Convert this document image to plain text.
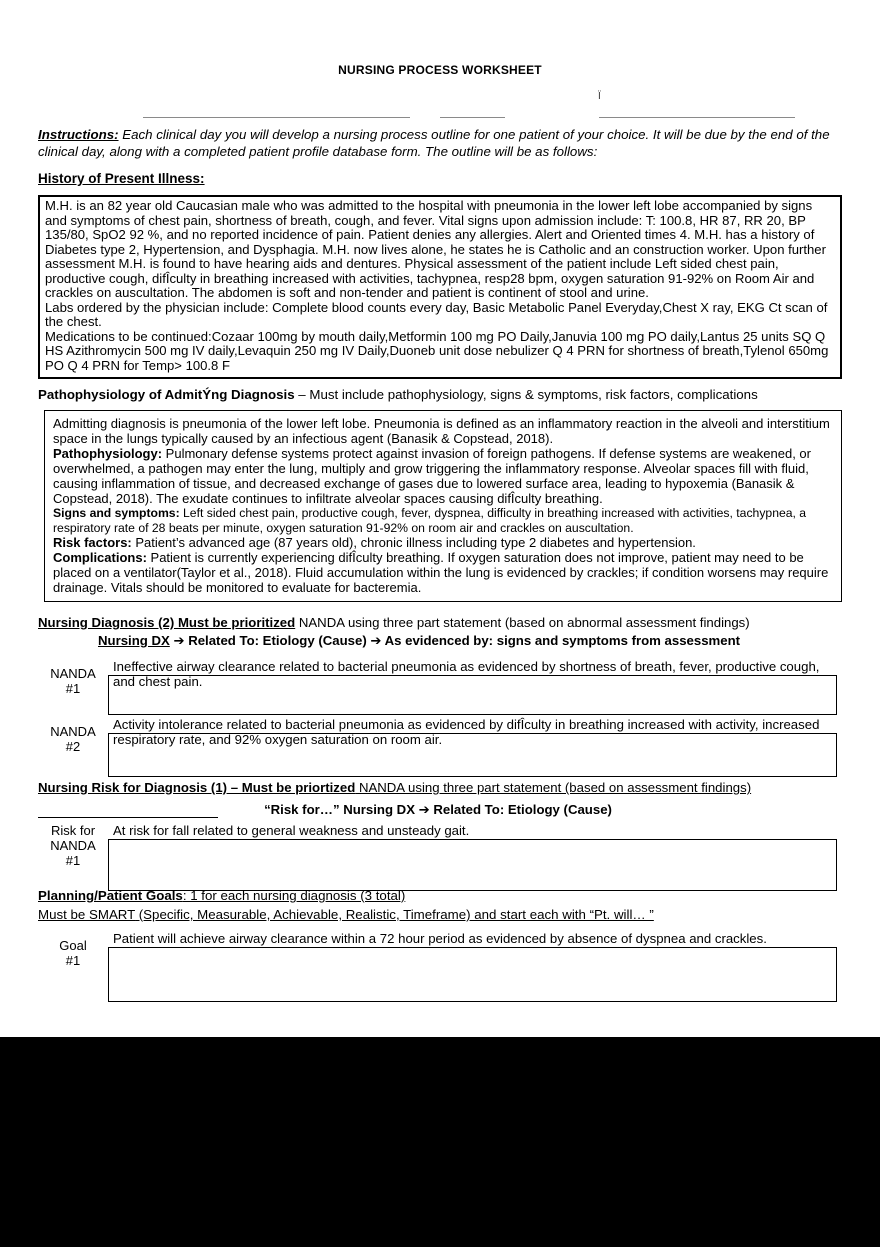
NURSING PROCESS WORKSHEET
Ï

Instructions: Each clinical day you will develop a nursing process outline for one patient of your choice. It will be due by the end of the clinical day, along with a completed patient profile database form. The outline will be as follows:

History of Present Illness:

M.H. is an 82 year old Caucasian male who was admitted to the hospital with pneumonia in the lower left lobe accompanied by signs and symptoms of chest pain, shortness of breath, cough, and fever. Vital signs upon admission include: T: 100.8, HR 87, RR 20, BP 135/80, SpO2 92 %, and no reported incidence of pain. Patient denies any allergies. Alert and Oriented times 4. M.H. has a history of Diabetes type 2, Hypertension, and Dysphagia. M.H. now lives alone, he states he is Catholic and an construction worker. Upon further assessment M.H. is found to have hearing aids and dentures. Physical assessment of the patient include Left sided chest pain, productive cough, difÎculty in breathing increased with activities, tachypnea, resp28 bpm, oxygen saturation 91-92% on Room Air and crackles on auscultation. The abdomen is soft and non-tender and patient is continent of stool and urine.

Labs ordered by the physician include: Complete blood counts every day, Basic Metabolic Panel Everyday,Chest X ray, EKG Ct scan of the chest.

Medications to be continued:Cozaar 100mg by mouth daily,Metformin 100 mg PO Daily,Januvia 100 mg PO daily,Lantus 25 units SQ Q HS Azithromycin 500 mg IV daily,Levaquin 250 mg IV Daily,Duoneb unit dose nebulizer Q 4 PRN for shortness of breath,Tylenol 650mg PO Q 4 PRN for Temp> 100.8 F

Pathophysiology of AdmitÝng Diagnosis – Must include pathophysiology, signs & symptoms, risk factors, complications

Admitting diagnosis is pneumonia of the lower left lobe. Pneumonia is defined as an inflammatory reaction in the alveoli and interstitium space in the lungs typically caused by an infectious agent (Banasik & Copstead, 2018).

Pathophysiology: Pulmonary defense systems protect against invasion of foreign pathogens. If defense systems are weakened, or overwhelmed, a pathogen may enter the lung, multiply and grow triggering the inflammatory response. Alveolar spaces fill with fluid, causing inflammation of tissue, and decreased exchange of gases due to lowered surface area, leading to hypoxemia (Banasik & Copstead, 2018). The exudate continues to infiltrate alveolar spaces causing difÎculty breathing.

Signs and symptoms: Left sided chest pain, productive cough, fever, dyspnea, difficulty in breathing increased with activities, tachypnea, a respiratory rate of 28 beats per minute, oxygen saturation 91-92% on room air and crackles on auscultation.

Risk factors: Patient’s advanced age (87 years old), chronic illness including type 2 diabetes and hypertension.

Complications: Patient is currently experiencing difÎculty breathing. If oxygen saturation does not improve, patient may need to be placed on a ventilator(Taylor et al., 2018). Fluid accumulation within the lung is evidenced by crackles; if condition worsens may require drainage. Vitals should be monitored to evaluate for bacteremia.

Nursing Diagnosis (2) Must be prioritized NANDA using three part statement (based on abnormal assessment findings)

Nursing DX ➔ Related To: Etiology (Cause) ➔ As evidenced by: signs and symptoms from assessment

NANDA
#1

Ineffective airway clearance related to bacterial pneumonia as evidenced by shortness of breath, fever, productive cough, and chest pain.

NANDA
#2

Activity intolerance related to bacterial pneumonia as evidenced by difÎculty in breathing increased with activity, increased respiratory rate, and 92% oxygen saturation on room air.

Nursing Risk for Diagnosis (1) – Must be priortized NANDA using three part statement (based on assessment findings)

“Risk for…” Nursing DX ➔ Related To: Etiology (Cause)
Risk for
NANDA
#1

At risk for fall related to general weakness and unsteady gait.

Planning/Patient Goals: 1 for each nursing diagnosis (3 total)

Must be SMART (Specific, Measurable, Achievable, Realistic, Timeframe) and start each with “Pt. will… ”

Goal
#1

Patient will achieve airway clearance within a 72 hour period as evidenced by absence of dyspnea and crackles.
